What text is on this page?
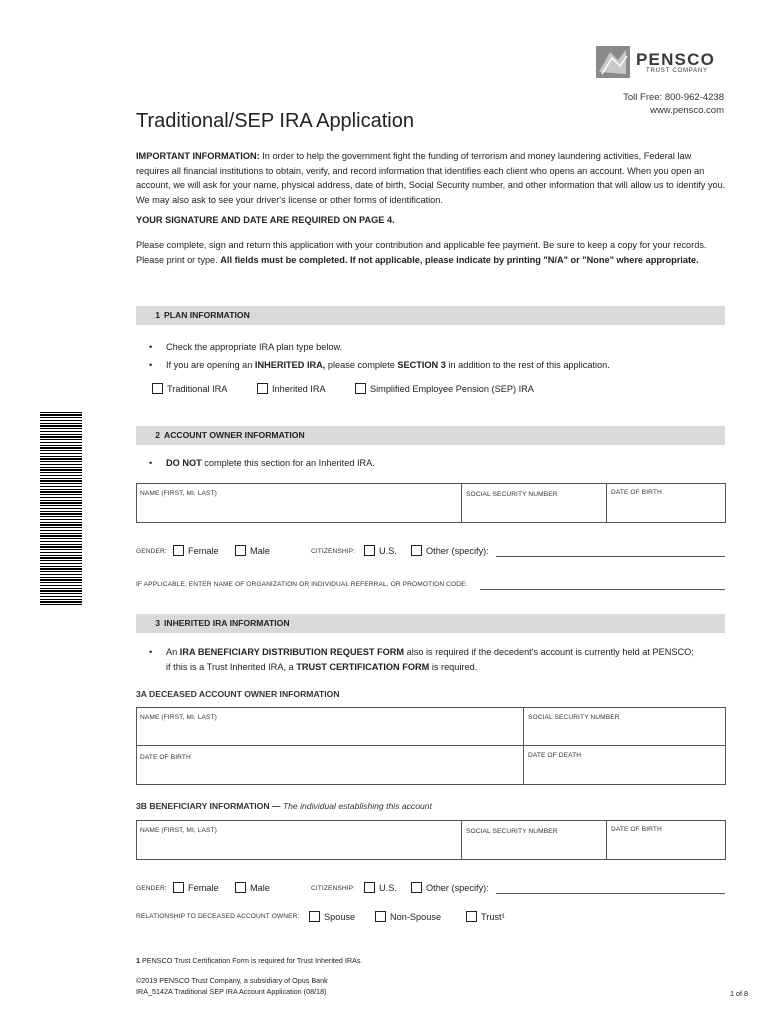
PENSCO
TRUST COMPANY
Toll Free: 800-962-4238
www.pensco.com
Traditional/SEP IRA Application
IMPORTANT INFORMATION: In order to help the government fight the funding of terrorism and money laundering activities, Federal law requires all financial institutions to obtain, verify, and record information that identifies each client who opens an account. When you open an account, we will ask for your name, physical address, date of birth, Social Security number, and other information that will allow us to identify you. We may also ask to see your driver's license or other forms of identification.
YOUR SIGNATURE AND DATE ARE REQUIRED ON PAGE 4.
Please complete, sign and return this application with your contribution and applicable fee payment. Be sure to keep a copy for your records. Please print or type. All fields must be completed. If not applicable, please indicate by printing "N/A" or "None" where appropriate.
1 PLAN INFORMATION
• Check the appropriate IRA plan type below.
• If you are opening an INHERITED IRA, please complete SECTION 3 in addition to the rest of this application.
Traditional IRA	Inherited IRA	Simplified Employee Pension (SEP) IRA
2 ACCOUNT OWNER INFORMATION
• DO NOT complete this section for an Inherited IRA.
NAME (FIRST, MI, LAST)	SOCIAL SECURITY NUMBER	DATE OF BIRTH
GENDER:	Female	Male	CITIZENSHIP:	U.S.	Other (specify):
IF APPLICABLE, ENTER NAME OF ORGANIZATION OR INDIVIDUAL REFERRAL, OR PROMOTION CODE:
3 INHERITED IRA INFORMATION
• An IRA BENEFICIARY DISTRIBUTION REQUEST FORM also is required if the decedent's account is currently held at PENSCO;
if this is a Trust Inherited IRA, a TRUST CERTIFICATION FORM is required.
3A DECEASED ACCOUNT OWNER INFORMATION
NAME (FIRST, MI, LAST)	SOCIAL SECURITY NUMBER
DATE OF BIRTH	DATE OF DEATH
3B BENEFICIARY INFORMATION — The individual establishing this account
NAME (FIRST, MI, LAST)	SOCIAL SECURITY NUMBER	DATE OF BIRTH
GENDER:	Female	Male	CITIZENSHIP:	U.S.	Other (specify):
RELATIONSHIP TO DECEASED ACCOUNT OWNER:	Spouse	Non-Spouse	Trust¹
1 PENSCO Trust Certification Form is required for Trust Inherited IRAs.
©2019 PENSCO Trust Company, a subsidiary of Opus Bank
IRA_5142A Traditional SEP IRA Account Application (08/18)	1 of 8
